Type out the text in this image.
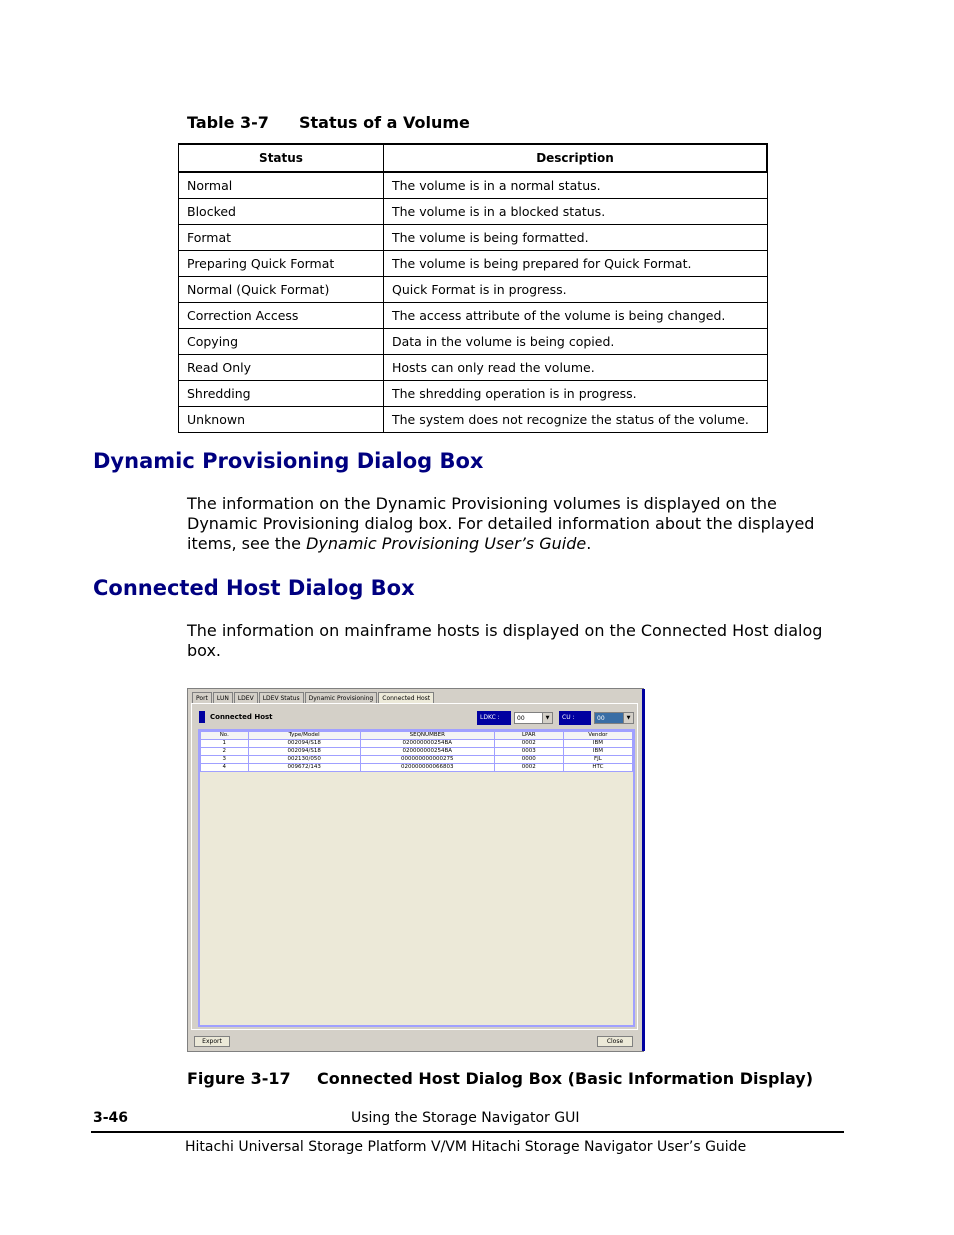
Table 3-7 Status of a Volume
Status	Description
Normal	The volume is in a normal status.
Blocked	The volume is in a blocked status.
Format	The volume is being formatted.
Preparing Quick Format	The volume is being prepared for Quick Format.
Normal (Quick Format)	Quick Format is in progress.
Correction Access	The access attribute of the volume is being changed.
Copying	Data in the volume is being copied.
Read Only	Hosts can only read the volume.
Shredding	The shredding operation is in progress.
Unknown	The system does not recognize the status of the volume.
Dynamic Provisioning Dialog Box

The information on the Dynamic Provisioning volumes is displayed on the Dynamic Provisioning dialog box. For detailed information about the displayed items, see the Dynamic Provisioning User’s Guide.

Connected Host Dialog Box

The information on mainframe hosts is displayed on the Connected Host dialog box.

Port	LUN	LDEV	LDEV Status	Dynamic Provisioning	Connected Host
Connected Host	LDKC :	00	▼	CU :	00	▼
No.	Type/Model	SEQNUMBER	LPAR	Vendor
1	002094/S18	020000000254BA	0002	IBM
2	002094/S18	020000000254BA	0003	IBM
3	002130/050	000000000000275	0000	FJL
4	009672/143	020000000066803	0002	HTC
Export	Close
Figure 3-17 Connected Host Dialog Box (Basic Information Display)
3-46	Using the Storage Navigator GUI
Hitachi Universal Storage Platform V/VM Hitachi Storage Navigator User’s Guide
